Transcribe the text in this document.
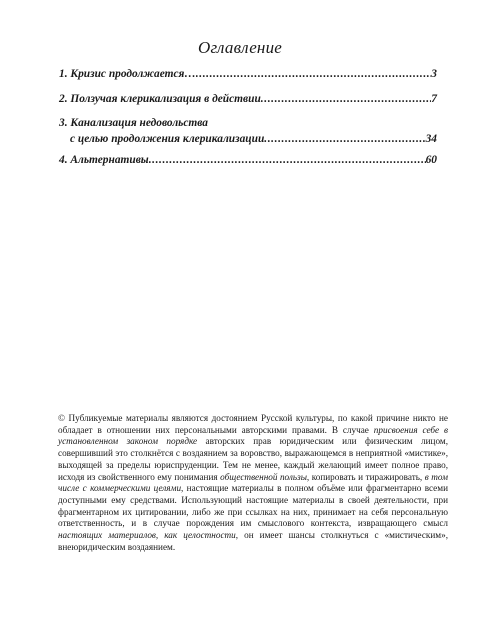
Оглавление
1. Кризис продолжается… .....	3
2. Ползучая клерикализация в действии .....	7
3. Канализация недовольства
с целью продолжения клерикализации .....	34
4. Альтернативы .....	60

© Публикуемые материалы являются достоянием Русской культуры, по какой причине никто не обладает в отношении них персональными авторскими правами. В случае присвоения себе в установленном законом порядке авторских прав юридическим или физическим лицом, совершивший это столкнётся с воздаянием за воровство, выражающемся в неприятной «мистике», выходящей за пределы юриспруденции. Тем не менее, каждый желающий имеет полное право, исходя из свойственного ему понимания общественной пользы, копировать и тиражировать, в том числе с коммерческими целями, настоящие материалы в полном объёме или фрагментарно всеми доступными ему средствами. Использующий настоящие материалы в своей деятельности, при фрагментарном их цитировании, либо же при ссылках на них, принимает на себя персональную ответственность, и в случае порождения им смыслового контекста, извращающего смысл настоящих материалов, как целостности, он имеет шансы столкнуться с «мистическим», внеюридическим воздаянием.
